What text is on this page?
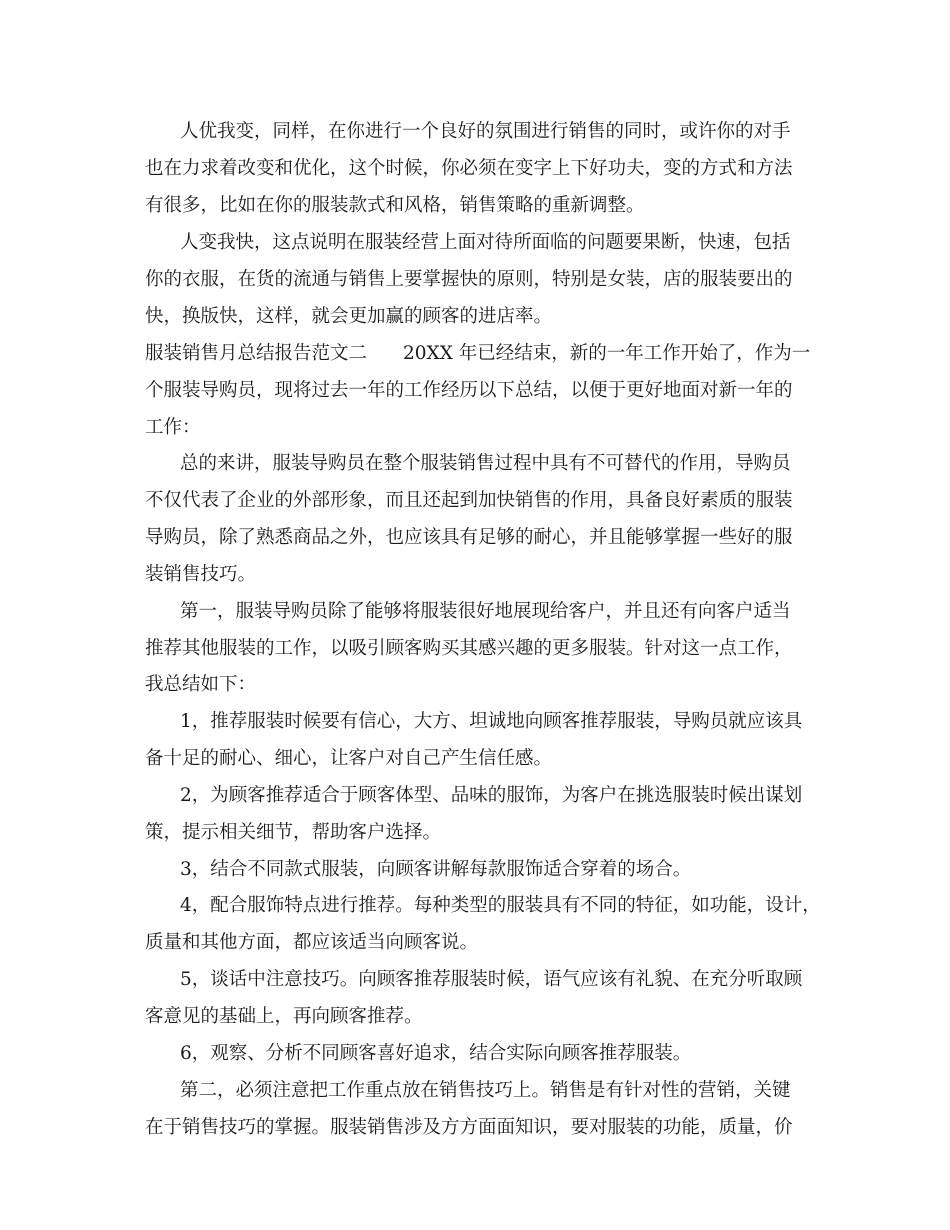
人优我变，同样，在你进行一个良好的氛围进行销售的同时，或许你的对手
也在力求着改变和优化，这个时候，你必须在变字上下好功夫，变的方式和方法
有很多，比如在你的服装款式和风格，销售策略的重新调整。
人变我快，这点说明在服装经营上面对待所面临的问题要果断，快速，包括
你的衣服，在货的流通与销售上要掌握快的原则，特别是女装，店的服装要出的
快，换版快，这样，就会更加赢的顾客的进店率。
服装销售月总结报告范文二 20XX 年已经结束，新的一年工作开始了，作为一
个服装导购员，现将过去一年的工作经历以下总结，以便于更好地面对新一年的
工作：
总的来讲，服装导购员在整个服装销售过程中具有不可替代的作用，导购员
不仅代表了企业的外部形象，而且还起到加快销售的作用，具备良好素质的服装
导购员，除了熟悉商品之外，也应该具有足够的耐心，并且能够掌握一些好的服
装销售技巧。
第一，服装导购员除了能够将服装很好地展现给客户，并且还有向客户适当
推荐其他服装的工作，以吸引顾客购买其感兴趣的更多服装。针对这一点工作，
我总结如下：
1，推荐服装时候要有信心，大方、坦诚地向顾客推荐服装，导购员就应该具
备十足的耐心、细心，让客户对自己产生信任感。
2，为顾客推荐适合于顾客体型、品味的服饰，为客户在挑选服装时候出谋划
策，提示相关细节，帮助客户选择。
3，结合不同款式服装，向顾客讲解每款服饰适合穿着的场合。
4，配合服饰特点进行推荐。每种类型的服装具有不同的特征，如功能，设计，
质量和其他方面，都应该适当向顾客说。
5，谈话中注意技巧。向顾客推荐服装时候，语气应该有礼貌、在充分听取顾
客意见的基础上，再向顾客推荐。
6，观察、分析不同顾客喜好追求，结合实际向顾客推荐服装。
第二，必须注意把工作重点放在销售技巧上。销售是有针对性的营销，关键
在于销售技巧的掌握。服装销售涉及方方面面知识，要对服装的功能，质量，价
